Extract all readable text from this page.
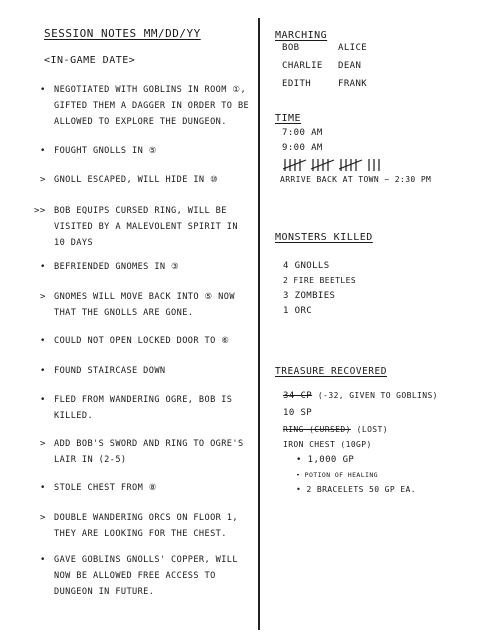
SESSION NOTES MM/DD/YY
<IN-GAME DATE>
• NEGOTIATED WITH GOBLINS IN ROOM ①, GIFTED THEM A DAGGER IN ORDER TO BE ALLOWED TO EXPLORE THE DUNGEON.
• FOUGHT GNOLLS IN ⑤
> GNOLL ESCAPED, WILL HIDE IN ⑩
>> BOB EQUIPS CURSED RING, WILL BE VISITED BY A MALEVOLENT SPIRIT IN 10 DAYS
• BEFRIENDED GNOMES IN ③
> GNOMES WILL MOVE BACK INTO ⑤ NOW THAT THE GNOLLS ARE GONE.
• COULD NOT OPEN LOCKED DOOR TO ⑥
• FOUND STAIRCASE DOWN
• FLED FROM WANDERING OGRE, BOB IS KILLED.
> ADD BOB'S SWORD AND RING TO OGRE'S LAIR IN (2-5)
• STOLE CHEST FROM ⑧
> DOUBLE WANDERING ORCS ON FLOOR 1, THEY ARE LOOKING FOR THE CHEST.
• GAVE GOBLINS GNOLLS' COPPER, WILL NOW BE ALLOWED FREE ACCESS TO DUNGEON IN FUTURE.
MARCHING
BOB	ALICE
CHARLIE DEAN
EDITH	FRANK
TIME
7:00 AM
9:00 AM
ARRIVE BACK AT TOWN ~ 2:30 PM
MONSTERS KILLED
4 GNOLLS
2 FIRE BEETLES
3 ZOMBIES
1 ORC
TREASURE RECOVERED
34 CP (-32, GIVEN TO GOBLINS)
10 SP
RING (CURSED) (LOST)
IRON CHEST (10GP)
• 1,000 GP
• POTION OF HEALING
• 2 BRACELETS 50 GP EA.
